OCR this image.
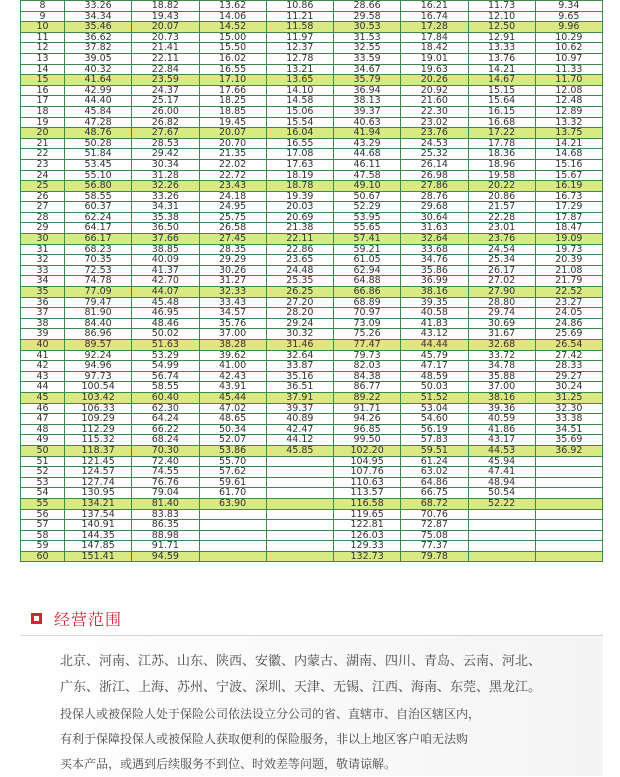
8	33.26	18.82	13.62	10.86	28.66	16.21	11.73	9.34
9	34.34	19.43	14.06	11.21	29.58	16.74	12.10	9.65
10	35.46	20.07	14.52	11.58	30.53	17.28	12.50	9.96
11	36.62	20.73	15.00	11.97	31.53	17.84	12.91	10.29
12	37.82	21.41	15.50	12.37	32.55	18.42	13.33	10.62
13	39.05	22.11	16.02	12.78	33.59	19.01	13.76	10.97
14	40.32	22.84	16.55	13.21	34.67	19.63	14.21	11.33
15	41.64	23.59	17.10	13.65	35.79	20.26	14.67	11.70
16	42.99	24.37	17.66	14.10	36.94	20.92	15.15	12.08
17	44.40	25.17	18.25	14.58	38.13	21.60	15.64	12.48
18	45.84	26.00	18.85	15.06	39.37	22.30	16.15	12.89
19	47.28	26.82	19.45	15.54	40.63	23.02	16.68	13.32
20	48.76	27.67	20.07	16.04	41.94	23.76	17.22	13.75
21	50.28	28.53	20.70	16.55	43.29	24.53	17.78	14.21
22	51.84	29.42	21.35	17.08	44.68	25.32	18.36	14.68
23	53.45	30.34	22.02	17.63	46.11	26.14	18.96	15.16
24	55.10	31.28	22.72	18.19	47.58	26.98	19.58	15.67
25	56.80	32.26	23.43	18.78	49.10	27.86	20.22	16.19
26	58.55	33.26	24.18	19.39	50.67	28.76	20.86	16.73
27	60.37	34.31	24.95	20.03	52.29	29.68	21.57	17.29
28	62.24	35.38	25.75	20.69	53.95	30.64	22.28	17.87
29	64.17	36.50	26.58	21.38	55.65	31.63	23.01	18.47
30	66.17	37.66	27.45	22.11	57.41	32.64	23.76	19.09
31	68.23	38.85	28.35	22.86	59.21	33.68	24.54	19.73
32	70.35	40.09	29.29	23.65	61.05	34.76	25.34	20.39
33	72.53	41.37	30.26	24.48	62.94	35.86	26.17	21.08
34	74.78	42.70	31.27	25.35	64.88	36.99	27.02	21.79
35	77.09	44.07	32.33	26.25	66.86	38.16	27.90	22.52
36	79.47	45.48	33.43	27.20	68.89	39.35	28.80	23.27
37	81.90	46.95	34.57	28.20	70.97	40.58	29.74	24.05
38	84.40	48.46	35.76	29.24	73.09	41.83	30.69	24.86
39	86.96	50.02	37.00	30.32	75.26	43.12	31.67	25.69
40	89.57	51.63	38.28	31.46	77.47	44.44	32.68	26.54
41	92.24	53.29	39.62	32.64	79.73	45.79	33.72	27.42
42	94.96	54.99	41.00	33.87	82.03	47.17	34.78	28.33
43	97.73	56.74	42.43	35.16	84.38	48.59	35.88	29.27
44	100.54	58.55	43.91	36.51	86.77	50.03	37.00	30.24
45	103.42	60.40	45.44	37.91	89.22	51.52	38.16	31.25
46	106.33	62.30	47.02	39.37	91.71	53.04	39.36	32.30
47	109.29	64.24	48.65	40.89	94.26	54.60	40.59	33.38
48	112.29	66.22	50.34	42.47	96.85	56.19	41.86	34.51
49	115.32	68.24	52.07	44.12	99.50	57.83	43.17	35.69
50	118.37	70.30	53.86	45.85	102.20	59.51	44.53	36.92
51	121.45	72.40	55.70		104.95	61.24	45.94	
52	124.57	74.55	57.62		107.76	63.02	47.41	
53	127.74	76.76	59.61		110.63	64.86	48.94	
54	130.95	79.04	61.70		113.57	66.75	50.54	
55	134.21	81.40	63.90		116.58	68.72	52.22	
56	137.54	83.83			119.65	70.76		
57	140.91	86.35			122.81	72.87		
58	144.35	88.98			126.03	75.08		
59	147.85	91.71			129.33	77.37		
60	151.41	94.59			132.73	79.78		
经营范围
北京、河南、江苏、山东、陕西、安徽、内蒙古、湖南、四川、青岛、云南、河北、
广东、浙江、上海、苏州、宁波、深圳、天津、无锡、江西、海南、东莞、黑龙江。
投保人或被保险人处于保险公司依法设立分公司的省、直辖市、自治区辖区内，
有利于保障投保人或被保险人获取便利的保险服务，非以上地区客户咱无法购
买本产品，或遇到后续服务不到位、时效差等问题，敬请谅解。
